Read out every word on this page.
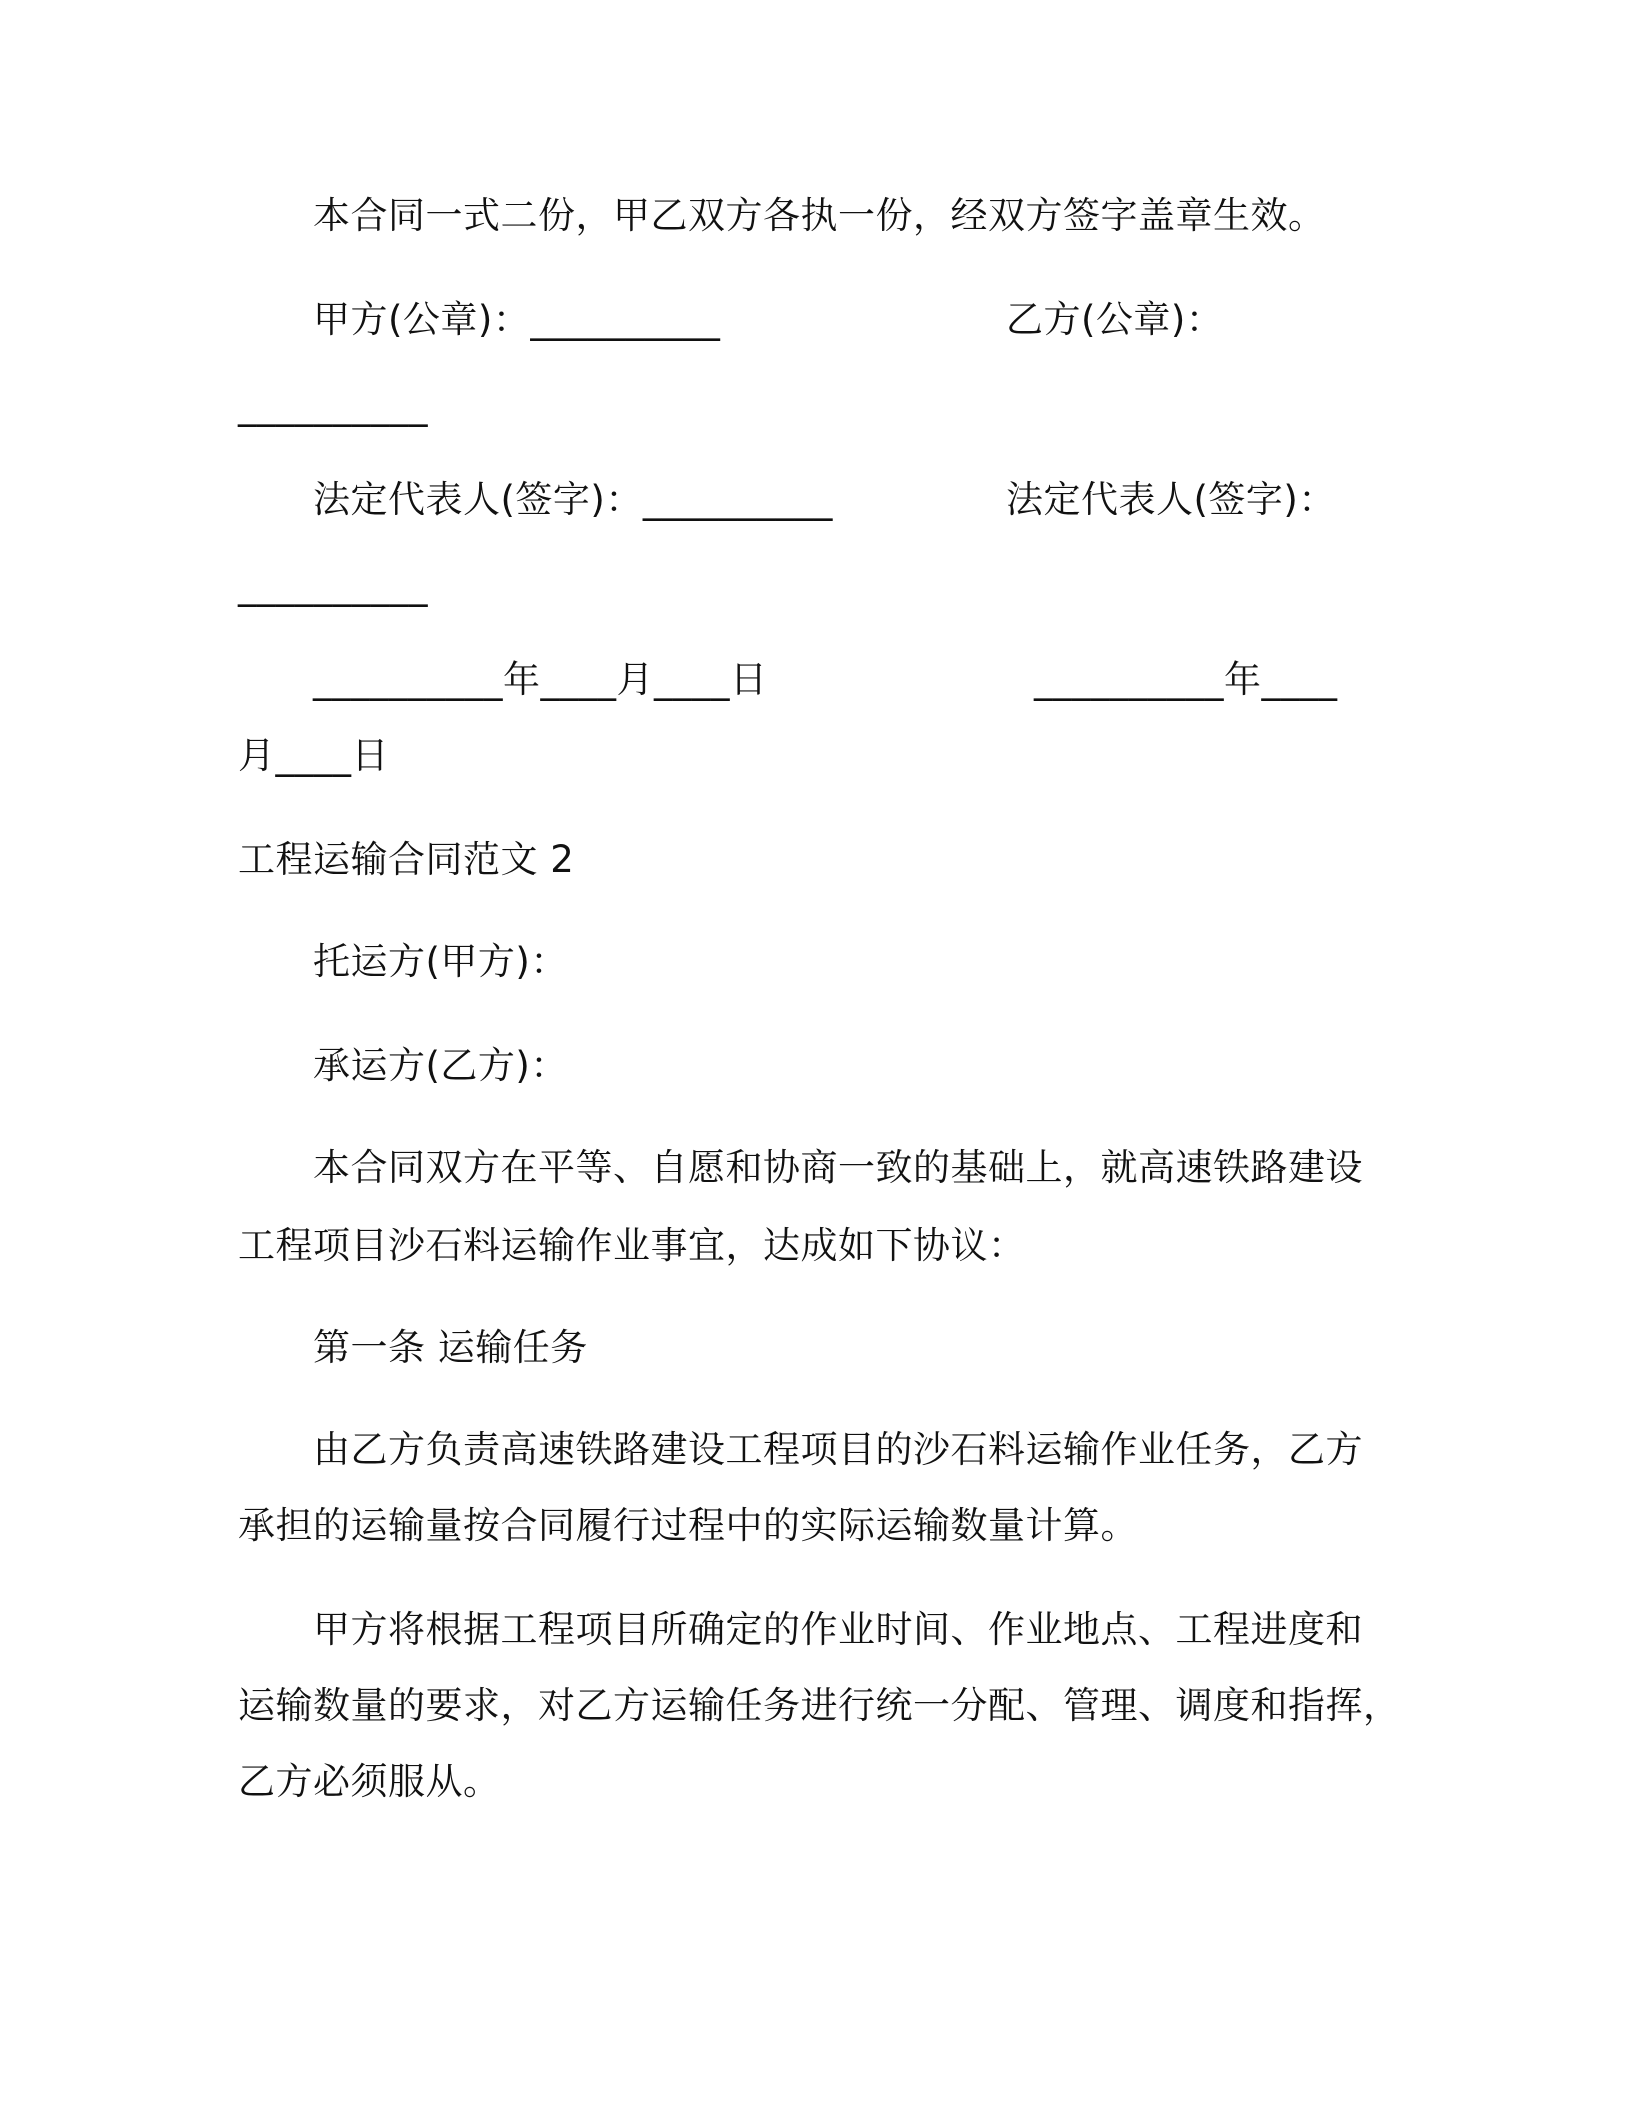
本合同一式二份，甲乙双方各执一份，经双方签字盖章生效。
甲方(公章)：__________	乙方(公章)：
__________
法定代表人(签字)：__________	法定代表人(签字)：
__________
__________年____月____日	__________年____
月____日
工程运输合同范文 2
托运方(甲方)：
承运方(乙方)：
本合同双方在平等、自愿和协商一致的基础上，就高速铁路建设
工程项目沙石料运输作业事宜，达成如下协议：
第一条 运输任务
由乙方负责高速铁路建设工程项目的沙石料运输作业任务，乙方
承担的运输量按合同履行过程中的实际运输数量计算。
甲方将根据工程项目所确定的作业时间、作业地点、工程进度和
运输数量的要求，对乙方运输任务进行统一分配、管理、调度和指挥，
乙方必须服从。
